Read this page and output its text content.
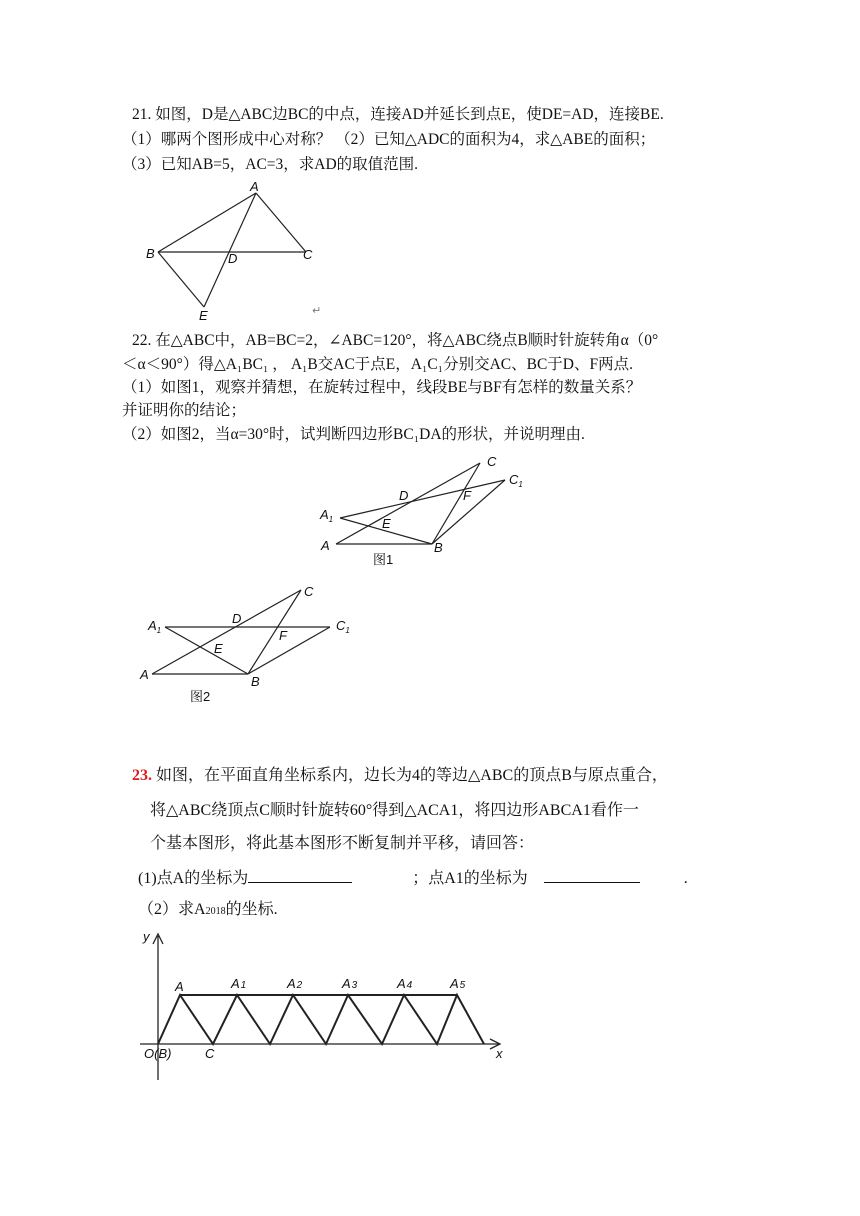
21. 如图，D是△ABC边BC的中点，连接AD并延长到点E，使DE=AD，连接BE.
（1）哪两个图形成中心对称？ （2）已知△ADC的面积为4，求△ABE的面积；
（3）已知AB=5，AC=3，求AD的取值范围.
A
B	C
D
E	↵
22. 在△ABC中，AB=BC=2，∠ABC=120°，将△ABC绕点B顺时针旋转角α（0°
＜α＜90°）得△A₁BC₁ ， A₁B交AC于点E，A₁C₁分别交AC、BC于D、F两点.
（1）如图1，观察并猜想，在旋转过程中，线段BE与BF有怎样的数量关系？
并证明你的结论；
（2）如图2，当α=30°时，试判断四边形BC₁DA的形状，并说明理由.
C
$C_1$
D	F
$A_1$	E
A	B
图1
C
D
$A_1$	$C_1$
F
E
A	B
图2
23. 如图，在平面直角坐标系内，边长为4的等边△ABC的顶点B与原点重合，
将△ABC绕顶点C顺时针旋转60°得到△ACA1，将四边形ABCA1看作一
个基本图形，将此基本图形不断复制并平移，请回答：
(1)点A的坐标为	；点A1的坐标为	.
（2）求A2018的坐标.
y
x
O(B)	C
A	A1	A2	A3	A4	A5
